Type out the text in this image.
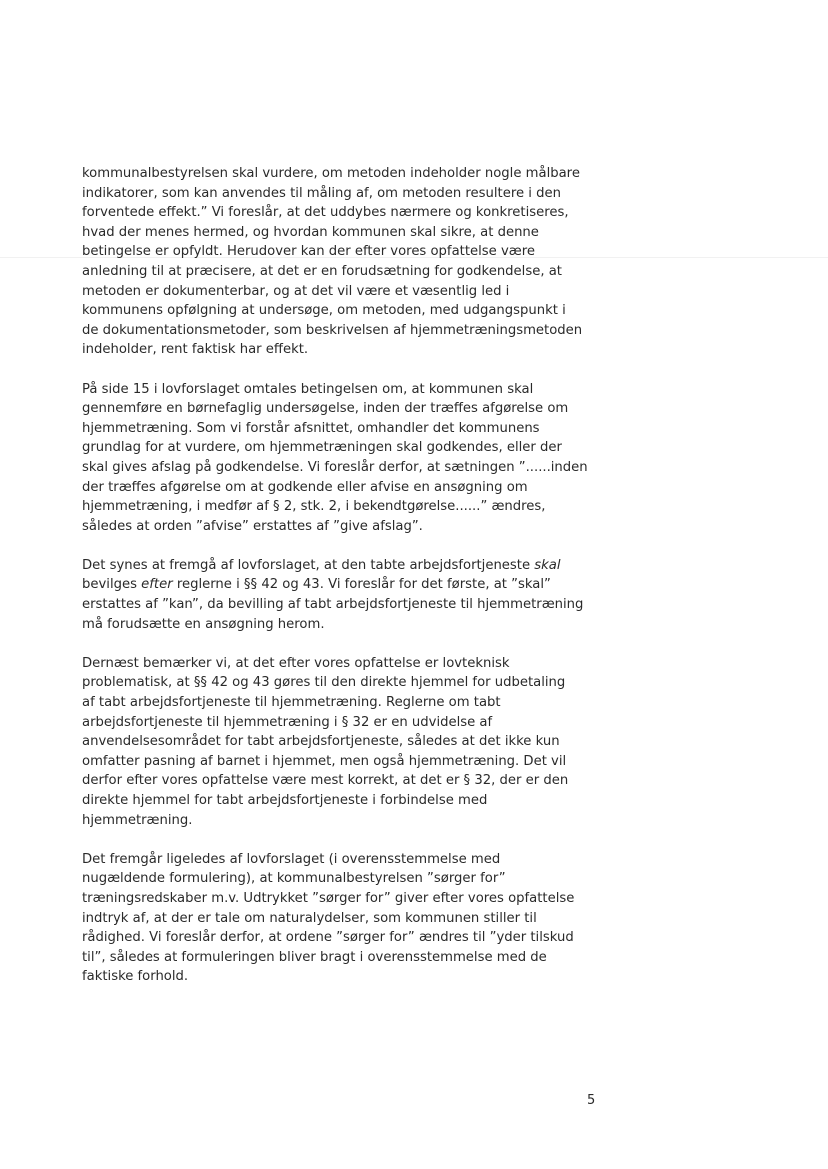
kommunalbestyrelsen skal vurdere, om metoden indeholder nogle målbare
indikatorer, som kan anvendes til måling af, om metoden resultere i den
forventede effekt.” Vi foreslår, at det uddybes nærmere og konkretiseres,
hvad der menes hermed, og hvordan kommunen skal sikre, at denne
betingelse er opfyldt. Herudover kan der efter vores opfattelse være
anledning til at præcisere, at det er en forudsætning for godkendelse, at
metoden er dokumenterbar, og at det vil være et væsentlig led i
kommunens opfølgning at undersøge, om metoden, med udgangspunkt i
de dokumentationsmetoder, som beskrivelsen af hjemmetræningsmetoden
indeholder, rent faktisk har effekt.

På side 15 i lovforslaget omtales betingelsen om, at kommunen skal
gennemføre en børnefaglig undersøgelse, inden der træffes afgørelse om
hjemmetræning. Som vi forstår afsnittet, omhandler det kommunens
grundlag for at vurdere, om hjemmetræningen skal godkendes, eller der
skal gives afslag på godkendelse. Vi foreslår derfor, at sætningen ”......inden
der træffes afgørelse om at godkende eller afvise en ansøgning om
hjemmetræning, i medfør af § 2, stk. 2, i bekendtgørelse......” ændres,
således at orden ”afvise” erstattes af ”give afslag”.

Det synes at fremgå af lovforslaget, at den tabte arbejdsfortjeneste skal
bevilges efter reglerne i §§ 42 og 43. Vi foreslår for det første, at ”skal”
erstattes af ”kan”, da bevilling af tabt arbejdsfortjeneste til hjemmetræning
må forudsætte en ansøgning herom.

Dernæst bemærker vi, at det efter vores opfattelse er lovteknisk
problematisk, at §§ 42 og 43 gøres til den direkte hjemmel for udbetaling
af tabt arbejdsfortjeneste til hjemmetræning. Reglerne om tabt
arbejdsfortjeneste til hjemmetræning i § 32 er en udvidelse af
anvendelsesområdet for tabt arbejdsfortjeneste, således at det ikke kun
omfatter pasning af barnet i hjemmet, men også hjemmetræning. Det vil
derfor efter vores opfattelse være mest korrekt, at det er § 32, der er den
direkte hjemmel for tabt arbejdsfortjeneste i forbindelse med
hjemmetræning.

Det fremgår ligeledes af lovforslaget (i overensstemmelse med
nugældende formulering), at kommunalbestyrelsen ”sørger for”
træningsredskaber m.v. Udtrykket ”sørger for” giver efter vores opfattelse
indtryk af, at der er tale om naturalydelser, som kommunen stiller til
rådighed. Vi foreslår derfor, at ordene ”sørger for” ændres til ”yder tilskud
til”, således at formuleringen bliver bragt i overensstemmelse med de
faktiske forhold.

5
